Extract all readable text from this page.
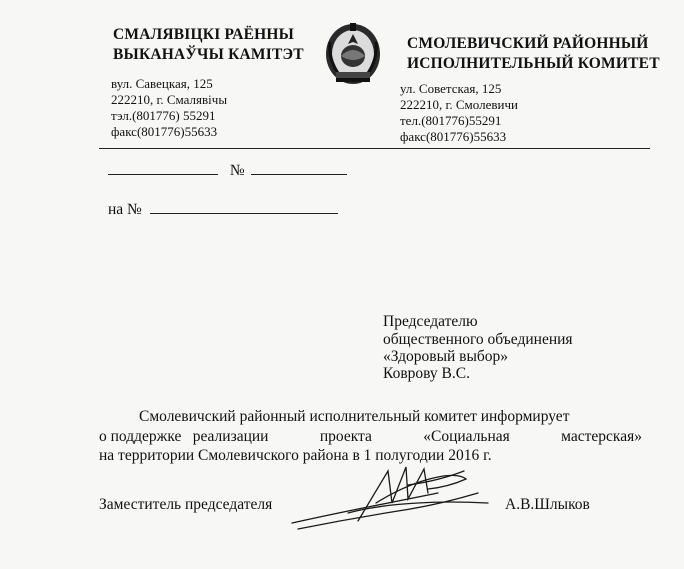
СМАЛЯВІЦКІ РАЁННЫ
ВЫКАНАЎЧЫ КАМІТЭТ
вул. Савецкая, 125
222210, г. Смалявічы
тэл.(801776) 55291
факс(801776)55633
СМОЛЕВИЧСКИЙ РАЙОННЫЙ
ИСПОЛНИТЕЛЬНЫЙ КОМИТЕТ
ул. Советская, 125
222210, г. Смолевичи
тел.(801776)55291
факс(801776)55633
№
на №
Председателю
общественного объединения
«Здоровый выбор»
Коврову В.С.
Смолевичский районный исполнительный комитет информирует
о поддержке реализации	проекта	«Социальная	мастерская»
на территории Смолевичского района в 1 полугодии 2016 г.
Заместитель председателя	А.В.Шлыков
